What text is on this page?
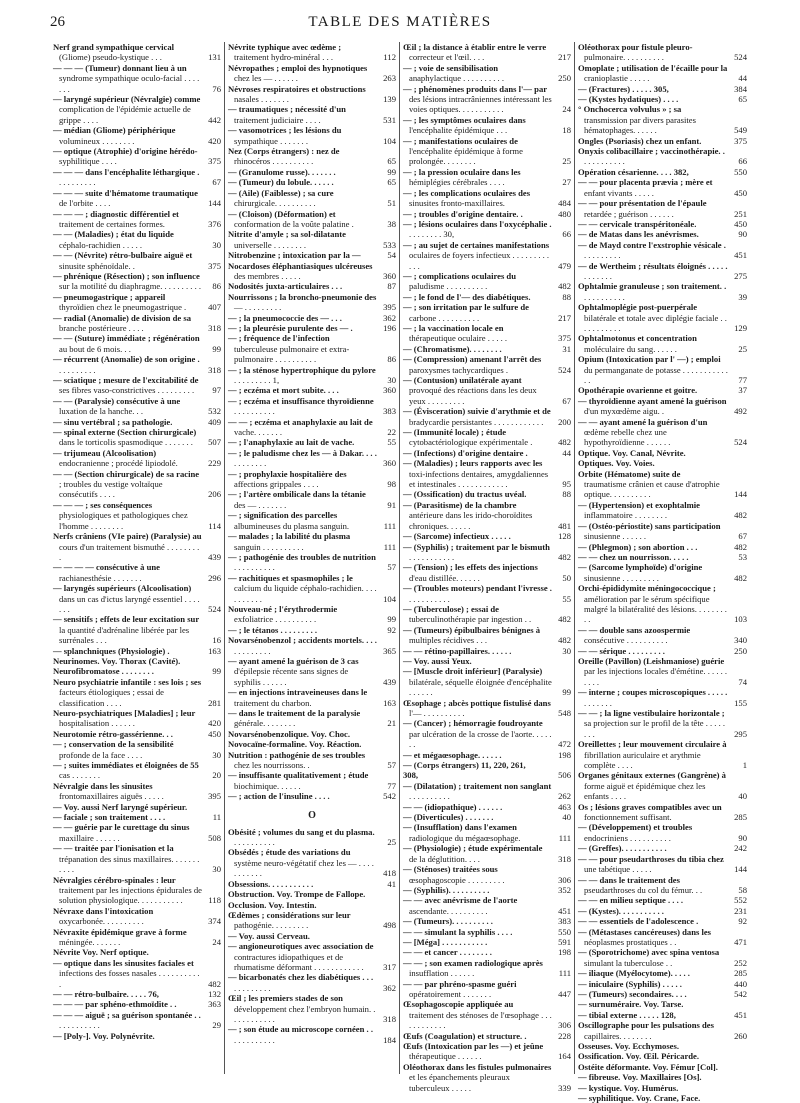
26	TABLE DES MATIÈRES
Nerf grand sympathique cervical (Gliome) pseudo-kystique . . .	131
— — — (Tumeur) donnant lieu à un syndrome sympathique oculo-facial . . . . . . .	76
— laryngé supérieur (Névralgie) comme complication de l'épidémie actuelle de grippe . . . .	442
— médian (Gliome) périphérique volumineux . . . . . . . .	420
— optique (Atrophie) d'origine hérédo-syphilitique . . . .	375
— — — dans l'encéphalite léthargique . . . . . . . . . .	67
— — — suite d'hématome traumatique de l'orbite . . . .	144
— — — ; diagnostic différentiel et traitement de certaines formes.	376
— — (Maladies) ; état du liquide céphalo-rachidien . . . . .	30
— — (Névrite) rétro-bulbaire aiguë et sinusite sphénoïdale. .	375
— phrénique (Résection) ; son influence sur la motilité du diaphragme. . . . . . . . . .	86
— pneumogastrique ; appareil thyroïdien chez le pneumogastrique .	407
— radial (Anomalie) de division de sa branche postérieure . . . .	318
— — (Suture) immédiate ; régénération au bout de 6 mois. . .	99
— récurrent (Anomalie) de son origine . . . . . . . . . .	318
— sciatique ; mesure de l'excitabilité de ses fibres vaso-constrictives . . . . . . . . .	97
— — (Paralysie) consécutive à une luxation de la hanche. . .	532
— sinu vertébral ; sa pathologie.	409
— spinal externe (Section chirurgicale) dans le torticolis spasmodique . . . . . . .	507
— trijumeau (Alcoolisation) endocranienne ; procédé lipiodolé.	229
— — (Section chirurgicale) de sa racine ; troubles du vestige voltaïque consécutifs . . . .	206
— — — ; ses conséquences physiologiques et pathologiques chez l'homme . . . . . . . .	114
Nerfs crâniens (VIe paire) (Paralysie) au cours d'un traitement bismuthé . . . . . . . . .	439
— — — — consécutive à une rachianesthésie . . . . . . .	296
— laryngés supérieurs (Alcoolisation) dans un cas d'ictus laryngé essentiel . . . . . . .	524
— sensitifs ; effets de leur excitation sur la quantité d'adrénaline libérée par les surrénales . . .	16
— splanchniques (Physiologie) .	163
Neurinomes. Voy. Thorax (Cavité).
Neurofibromatose . . . . . . . .	99
Neuro psychiatrie infantile : ses lois ; ses facteurs étiologiques ; essai de classification . . . .	281
Neuro-psychiatriques [Maladies] ; leur hospitalisation . . . . . .	420
Neurotomie rétro-gassérienne. . .	450
— ; conservation de la sensibilité profonde de la face . . . .	30
— ; suites immédiates et éloignées de 55 cas . . . . . . .	20
Névralgie dans les sinusites frontomaxillaires aiguës . . . . .	395
— Voy. aussi Nerf laryngé supérieur.
— faciale ; son traitement . . . .	11
— — guérie par le curettage du sinus maxillaire . . . . . .	508
— — traitée par l'ionisation et la trépanation des sinus maxillaires. . . . . . . . . . .	30
Névralgies cérébro-spinales : leur traitement par les injections épidurales de solution physiologique. . . . . . . . . . .	118
Névraxe dans l'intoxication oxycarbonée. . . . . . . . . .	374
Névraxite épidémique grave à forme méningée. . . . . . .	24
Névrite Voy. Nerf optique.
— optique dans les sinusites faciales et infections des fosses nasales . . . . . . . . . . .	482
— — rétro-bulbaire. . . . . 76,	132
— — — par sphéno-ethmoïdite . .	363
— — — aiguë ; sa guérison spontanée . . . . . . . . . . . .	29
— [Poly-]. Voy. Polynévrite.
Névrite typhique avec œdème ; traitement hydro-minéral . . .	112
Névropathes ; emploi des hypnotiques chez les — . . . . . .	263
Névroses respiratoires et obstructions nasales . . . . . . .	139
— traumatiques ; nécessité d'un traitement judiciaire . . . .	531
— vasomotrices ; les lésions du sympathique . . . . . . .	104
Nez (Corps étrangers) : nez de rhinocéros . . . . . . . . . .	65
— (Granulome russe). . . . . . .	99
— (Tumeur) du lobule. . . . . .	65
— (Aile) (Faiblesse) ; sa cure chirurgicale. . . . . . . . . .	51
— (Cloison) (Déformation) et conformation de la voûte palatine .	38
Nitrite d'amyle ; sa sol-dilatante universelle . . . . . . . .	533
Nitrobenzine ; intoxication par la —	54
Nocardoses éléphantiasiques ulcéreuses des membres . . . . .	360
Nodosités juxta-articulaires . . .	87
Nourrissons ; la broncho-pneumonie des — . . . . . . . . .	395
— ; la pneumococcie des — . . .	362
— ; la pleurésie purulente des — .	196
— ; fréquence de l'infection tuberculeuse pulmonaire et extra-pulmonaire . . . . . . . . . .	86
— ; la sténose hypertrophique du pylore . . . . . . . . . 1,	30
— ; eczéma et mort subite. . . .	360
— ; eczéma et insuffisance thyroïdienne . . . . . . . . . .	383
— — ; eczéma et anaphylaxie au lait de vache. . . . . . .	22
— ; l'anaphylaxie au lait de vache.	55
— ; le paludisme chez les — à Dakar. . . . . . . . . . . .	360
— ; prophylaxie hospitalière des affections grippales . . . .	98
— ; l'artère ombilicale dans la tétanie des — . . . . . . .	91
— ; signification des parcelles albumineuses du plasma sanguin.	111
— malades ; la labilité du plasma sanguin . . . . . . . . . .	111
— ; pathogénie des troubles de nutrition . . . . . . . . . .	57
— rachitiques et spasmophiles ; le calcium du liquide céphalo-rachidien. . . . . . . . . . .	104
Nouveau-né ; l'érythrodermie exfoliatrice . . . . . . . . . .	99
— ; le tétanos . . . . . . . . .	92
Novarsénobenzol ; accidents mortels. . . . . . . . . . . . .	365
— ayant amené la guérison de 3 cas d'épilepsie récente sans signes de syphilis . . . . . .	439
— en injections intraveineuses dans le traitement du charbon.	163
— dans le traitement de la paralysie générale. . . . . . . .	21
Novarsénobenzolique. Voy. Choc.
Novocaïne-formaline. Voy. Réaction.
Nutrition : pathogénie de ses troubles chez les nourrissons. .	57
— insuffisante qualitativement ; étude biochimique. . . . . .	77
— ; action de l'insuline . . . .	542
O
Obésité ; volumes du sang et du plasma. . . . . . . . . . .	25
Obsédés ; étude des variations du système neuro-végétatif chez les — . . . . . . . . . . .	418
Obsessions. . . . . . . . . . .	41
Obstruction. Voy. Trompe de Fallope.
Occlusion. Voy. Intestin.
Œdèmes ; considérations sur leur pathogénie. . . . . . . . .	498
— Voy. aussi Cerveau.
— angioneurotiques avec association de contractures idiopathiques et de rhumatisme déformant . . . . . . . . . . . .	317
— bicarbonatés chez les diabétiques . . . . . . . . . . . .	362
Œil ; les premiers stades de son développement chez l'embryon humain. . . . . . . . . . . .	318
— ; son étude au microscope cornéen . . . . . . . . . . . .	184
Œil ; la distance à établir entre le verre correcteur et l'œil. . . .	217
— ; voie de sensibilisation anaphylactique . . . . . . . . . .	250
— ; phénomènes produits dans l'— par des lésions intracrâniennes intéressant les voies optiques. . . . . . . . . . .	24
— ; les symptômes oculaires dans l'encéphalite épidémique . . .	18
— ; manifestations oculaires de l'encéphalite épidémique à forme prolongée. . . . . . . .	25
— ; la pression oculaire dans les hémiplégies cérébrales . . . .	27
— ; les complications oculaires des sinusites fronto-maxillaires.	484
— ; troubles d'origine dentaire. .	480
— ; lésions oculaires dans l'oxycéphalie . . . . . . . . . 30,	66
— ; au sujet de certaines manifestations oculaires de foyers infectieux . . . . . . . . . . . .	479
— ; complications oculaires du paludisme . . . . . . . . . .	482
— ; le fond de l'— des diabétiques.	88
— ; son irritation par le sulfure de carbone . . . . . . . . . .	217
— ; la vaccination locale en thérapeutique oculaire . . . . .	375
— (Chromatisme). . . . . . . .	31
— (Compression) amenant l'arrêt des paroxysmes tachycardiques .	524
— (Contusion) unilatérale ayant provoqué des réactions dans les deux yeux . . . . . . . . .	67
— (Évisceration) suivie d'arythmie et de bradycardie persistantes . . . . . . . . . . . .	200
— (Immunité locale) ; étude cytobactériologique expérimentale .	482
— (Infections) d'origine dentaire .	44
— (Maladies) ; leurs rapports avec les toxi-infections dentaires, amygdaliennes et intestinales . . . . . . . . . . . .	95
— (Ossification) du tractus uvéal.	88
— (Parasitisme) de la chambre antérieure dans les irido-choroïdites chroniques. . . . . .	481
— (Sarcome) infectieux . . . . .	128
— (Syphilis) ; traitement par le bismuth . . . . . . . . . . .	482
— (Tension) ; les effets des injections d'eau distillée. . . . . .	50
— (Troubles moteurs) pendant l'ivresse . . . . . . . . . . .	55
— (Tuberculose) ; essai de tuberculinothérapie par ingestion . .	482
— (Tumeurs) épibulbaires bénignes à multiples récidives . . .	482
— — rétino-papillaires. . . . . .	30
— Voy. aussi Yeux.
— [Muscle droit inférieur] (Paralysie) bilatérale, séquelle éloignée d'encéphalite . . . . . .	99
Œsophage ; abcès pottique fistulisé dans l'— . . . . . . . . . .	548
— (Cancer) ; hémorragie foudroyante par ulcération de la crosse de l'aorte. . . . . . .	472
— et mégaœsophage. . . . . .	198
— (Corps étrangers) 11, 220, 261,
308,	506
— (Dilatation) ; traitement non sanglant . . . . . . . . . .	262
— — (idiopathique) . . . . . .	463
— (Diverticules) . . . . . . .	40
— (Insufflation) dans l'examen radiologique du mégaœsophage.	111
— (Physiologie) ; étude expérimentale de la déglutition. . . .	318
— (Sténoses) traitées sous œsophagoscopie . . . . . . . . .	306
— (Syphilis). . . . . . . . . .	352
— — avec anévrisme de l'aorte ascendante. . . . . . . . . .	451
— (Tumeurs). . . . . . . . . .	383
— — simulant la syphilis . . . .	550
— [Méga] . . . . . . . . . . .	591
— — et cancer . . . . . . . .	198
— — ; son examen radiologique après insufflation . . . . . .	111
— — par phréno-spasme guéri opératoirement . . . . . . .	447
Œsophagoscopie appliquée au traitement des sténoses de l'œsophage . . . . . . . . . . . .	306
Œufs (Coagulation) et structure. .	228
Œufs (Intoxication par les —) et jeûne thérapeutique . . . . . .	164
Oléothorax dans les fistules pulmonaires et les épanchements pleuraux tuberculeux . . . . .	339
Oléothorax pour fistule pleuro-pulmonaire. . . . . . . . . .	524
Omoplate ; utilisation de l'écaille pour la cranioplastie . . . . .	44
— (Fractures) . . . . . 305,	384
— (Kystes hydatiques) . . . .	65
° Onchocerca volvulus » ; sa transmission par divers parasites hématophages. . . . . .	549
Ongles (Psoriasis) chez un enfant.	375
Onyxis colibacillaire ; vaccinothérapie. . . . . . . . . . . .	66
Opération césarienne. . . . 382,	550
— — pour placenta prævia ; mère et enfant vivants . . . . .	450
— — pour présentation de l'épaule retardée ; guérison . . . . . .	251
— — cervicale transpéritonéale.	450
— de Matas dans les anévrismes.	90
— de Mayd contre l'exstrophie vésicale . . . . . . . . . .	451
— de Wertheim ; résultats éloignés . . . . . . . . . . . .	275
Ophtalmie granuleuse ; son traitement. . . . . . . . . . . .	39
Ophtalmoplégie post-puerpérale bilatérale et totale avec diplégie faciale . . . . . . . . . . .	129
Ophtalmotonus et concentration moléculaire du sang. . . . . .	25
Opium (Intoxication par l' —) ; emploi du permanganate de potasse . . . . . . . . . . . . .	77
Opothérapie ovarienne et goitre.	37
— thyroïdienne ayant amené la guérison d'un myxœdème aigu. .	492
— — ayant amené la guérison d'un œdème rebelle chez une hypothyroïdienne . . . . . .	524
Optique. Voy. Canal, Névrite.
Optiques. Voy. Voies.
Orbite (Hématome) suite de traumatisme crânien et cause d'atrophie optique. . . . . . . . . .	144
— (Hypertension) et exophtalmie inflammatoire . . . . . . . .	482
— (Ostéo-périostite) sans participation sinusienne . . . . . .	67
— (Phlegmon) ; son abortion . . .	482
— — chez un nourrisson. . . . .	53
— (Sarcome lymphoïde) d'origine sinusienne . . . . . . . . .	482
Orchi-épididymite méningococcique ; amélioration par le sérum spécifique malgré la bilatéralité des lésions. . . . . . . . . .	103
— — double sans azoospermie consécutive . . . . . . . . . .	340
— — sérique . . . . . . . . .	250
Oreille (Pavillon) (Leishmaniose) guérie par les injections locales d'émétine. . . . . . . . . .	74
— interne ; coupes microscopiques . . . . . . . . . . . .	155
— — ; la ligne vestibulaire horizontale ; sa projection sur le profil de la tête . . . . . . . .	295
Oreillettes ; leur mouvement circulaire à fibrillation auriculaire et arythmie complète . . . .	1
Organes génitaux externes (Gangrène) à forme aiguë et épidémique chez les enfants . . . .	40
Os ; lésions graves compatibles avec un fonctionnement suffisant.	285
— (Développement) et troubles endocriniens . . . . . . . . . .	90
— (Greffes). . . . . . . . . . .	242
— — pour pseudarthroses du tibia chez une tabétique . . . . .	144
— — dans le traitement des pseudarthroses du col du fémur. . .	58
— — en milieu septique . . . .	552
— (Kystes). . . . . . . . . . .	231
— — essentiels de l'adolescence .	92
— (Métastases cancéreuses) dans les néoplasmes prostatiques . .	471
— (Sporotrichome) avec spina ventosa simulant la tuberculose . .	252
— iliaque (Myélocytome). . . . .	285
— iniculaire (Syphilis) . . . . .	440
— (Tumeurs) secondaires. . . .	542
— surnuméraire. Voy. Tarse.
— tibial externe . . . . . 128,	451
Oscillographe pour les pulsations des capillaires. . . . . . . .	260
Osseuses. Voy. Ecchymoses.
Ossification. Voy. Œil. Péricarde.
Ostéite déformante. Voy. Fémur [Col].
— fibreuse. Voy. Maxillaires [Os].
— kystique. Voy. Humérus.
— syphilitique. Voy. Crane, Face.
